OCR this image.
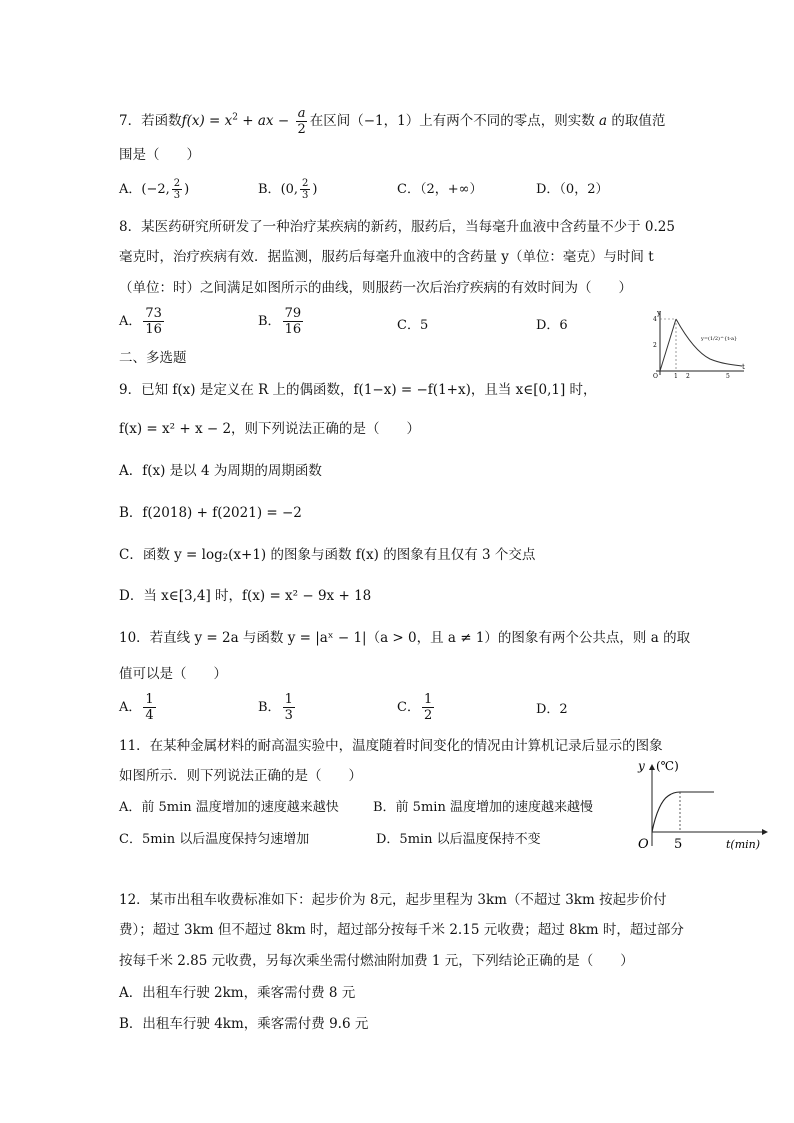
7．若函数$f(x) = x^2$ + ax − $\frac{a}{2}$ 在区间（−1，1）上有两个不同的零点，则实数 a 的取值范
围是（　　）
A．(−2, $\frac{2}{3}$ )	B．(0, $\frac{2}{3}$ )	C．（2，+∞）	D．（0，2）
8．某医药研究所研发了一种治疗某疾病的新药，服药后，当每毫升血液中含药量不少于 0.25
毫克时，治疗疾病有效．据监测，服药后每毫升血液中的含药量 y（单位：毫克）与时间 t
（单位：时）之间满足如图所示的曲线，则服药一次后治疗疾病的有效时间为（　　）
A． $\frac{73}{16}$	B． $\frac{79}{16}$	C．5	D．6
y
t
O
4
2
1 2	5
y=(1/2)^{t-a}
二、多选题
9．已知 f(x) 是定义在 R 上的偶函数，f(1−x) = −f(1+x)，且当 x∈[0,1] 时，
f(x) = x² + x − 2，则下列说法正确的是（　　）
A．f(x) 是以 4 为周期的周期函数
B．f(2018) + f(2021) = −2
C．函数 y = log₂(x+1) 的图象与函数 f(x) 的图象有且仅有 3 个交点
D．当 x∈[3,4] 时，f(x) = x² − 9x + 18
10．若直线 y = 2a 与函数 y = |aˣ − 1|（a > 0，且 a ≠ 1）的图象有两个公共点，则 a 的取
值可以是（　　）
A． $\frac{1}{4}$	B． $\frac{1}{3}$	C． $\frac{1}{2}$	D．2
11．在某种金属材料的耐高温实验中，温度随着时间变化的情况由计算机记录后显示的图象
如图所示．则下列说法正确的是（　　）
A．前 5min 温度增加的速度越来越快	B．前 5min 温度增加的速度越来越慢
C．5min 以后温度保持匀速增加	D．5min 以后温度保持不变
y (℃)
O 5	t(min)
12．某市出租车收费标准如下：起步价为 8元，起步里程为 3km（不超过 3km 按起步价付
费）；超过 3km 但不超过 8km 时，超过部分按每千米 2.15 元收费；超过 8km 时，超过部分
按每千米 2.85 元收费，另每次乘坐需付燃油附加费 1 元，下列结论正确的是（　　）
A．出租车行驶 2km，乘客需付费 8 元
B．出租车行驶 4km，乘客需付费 9.6 元
